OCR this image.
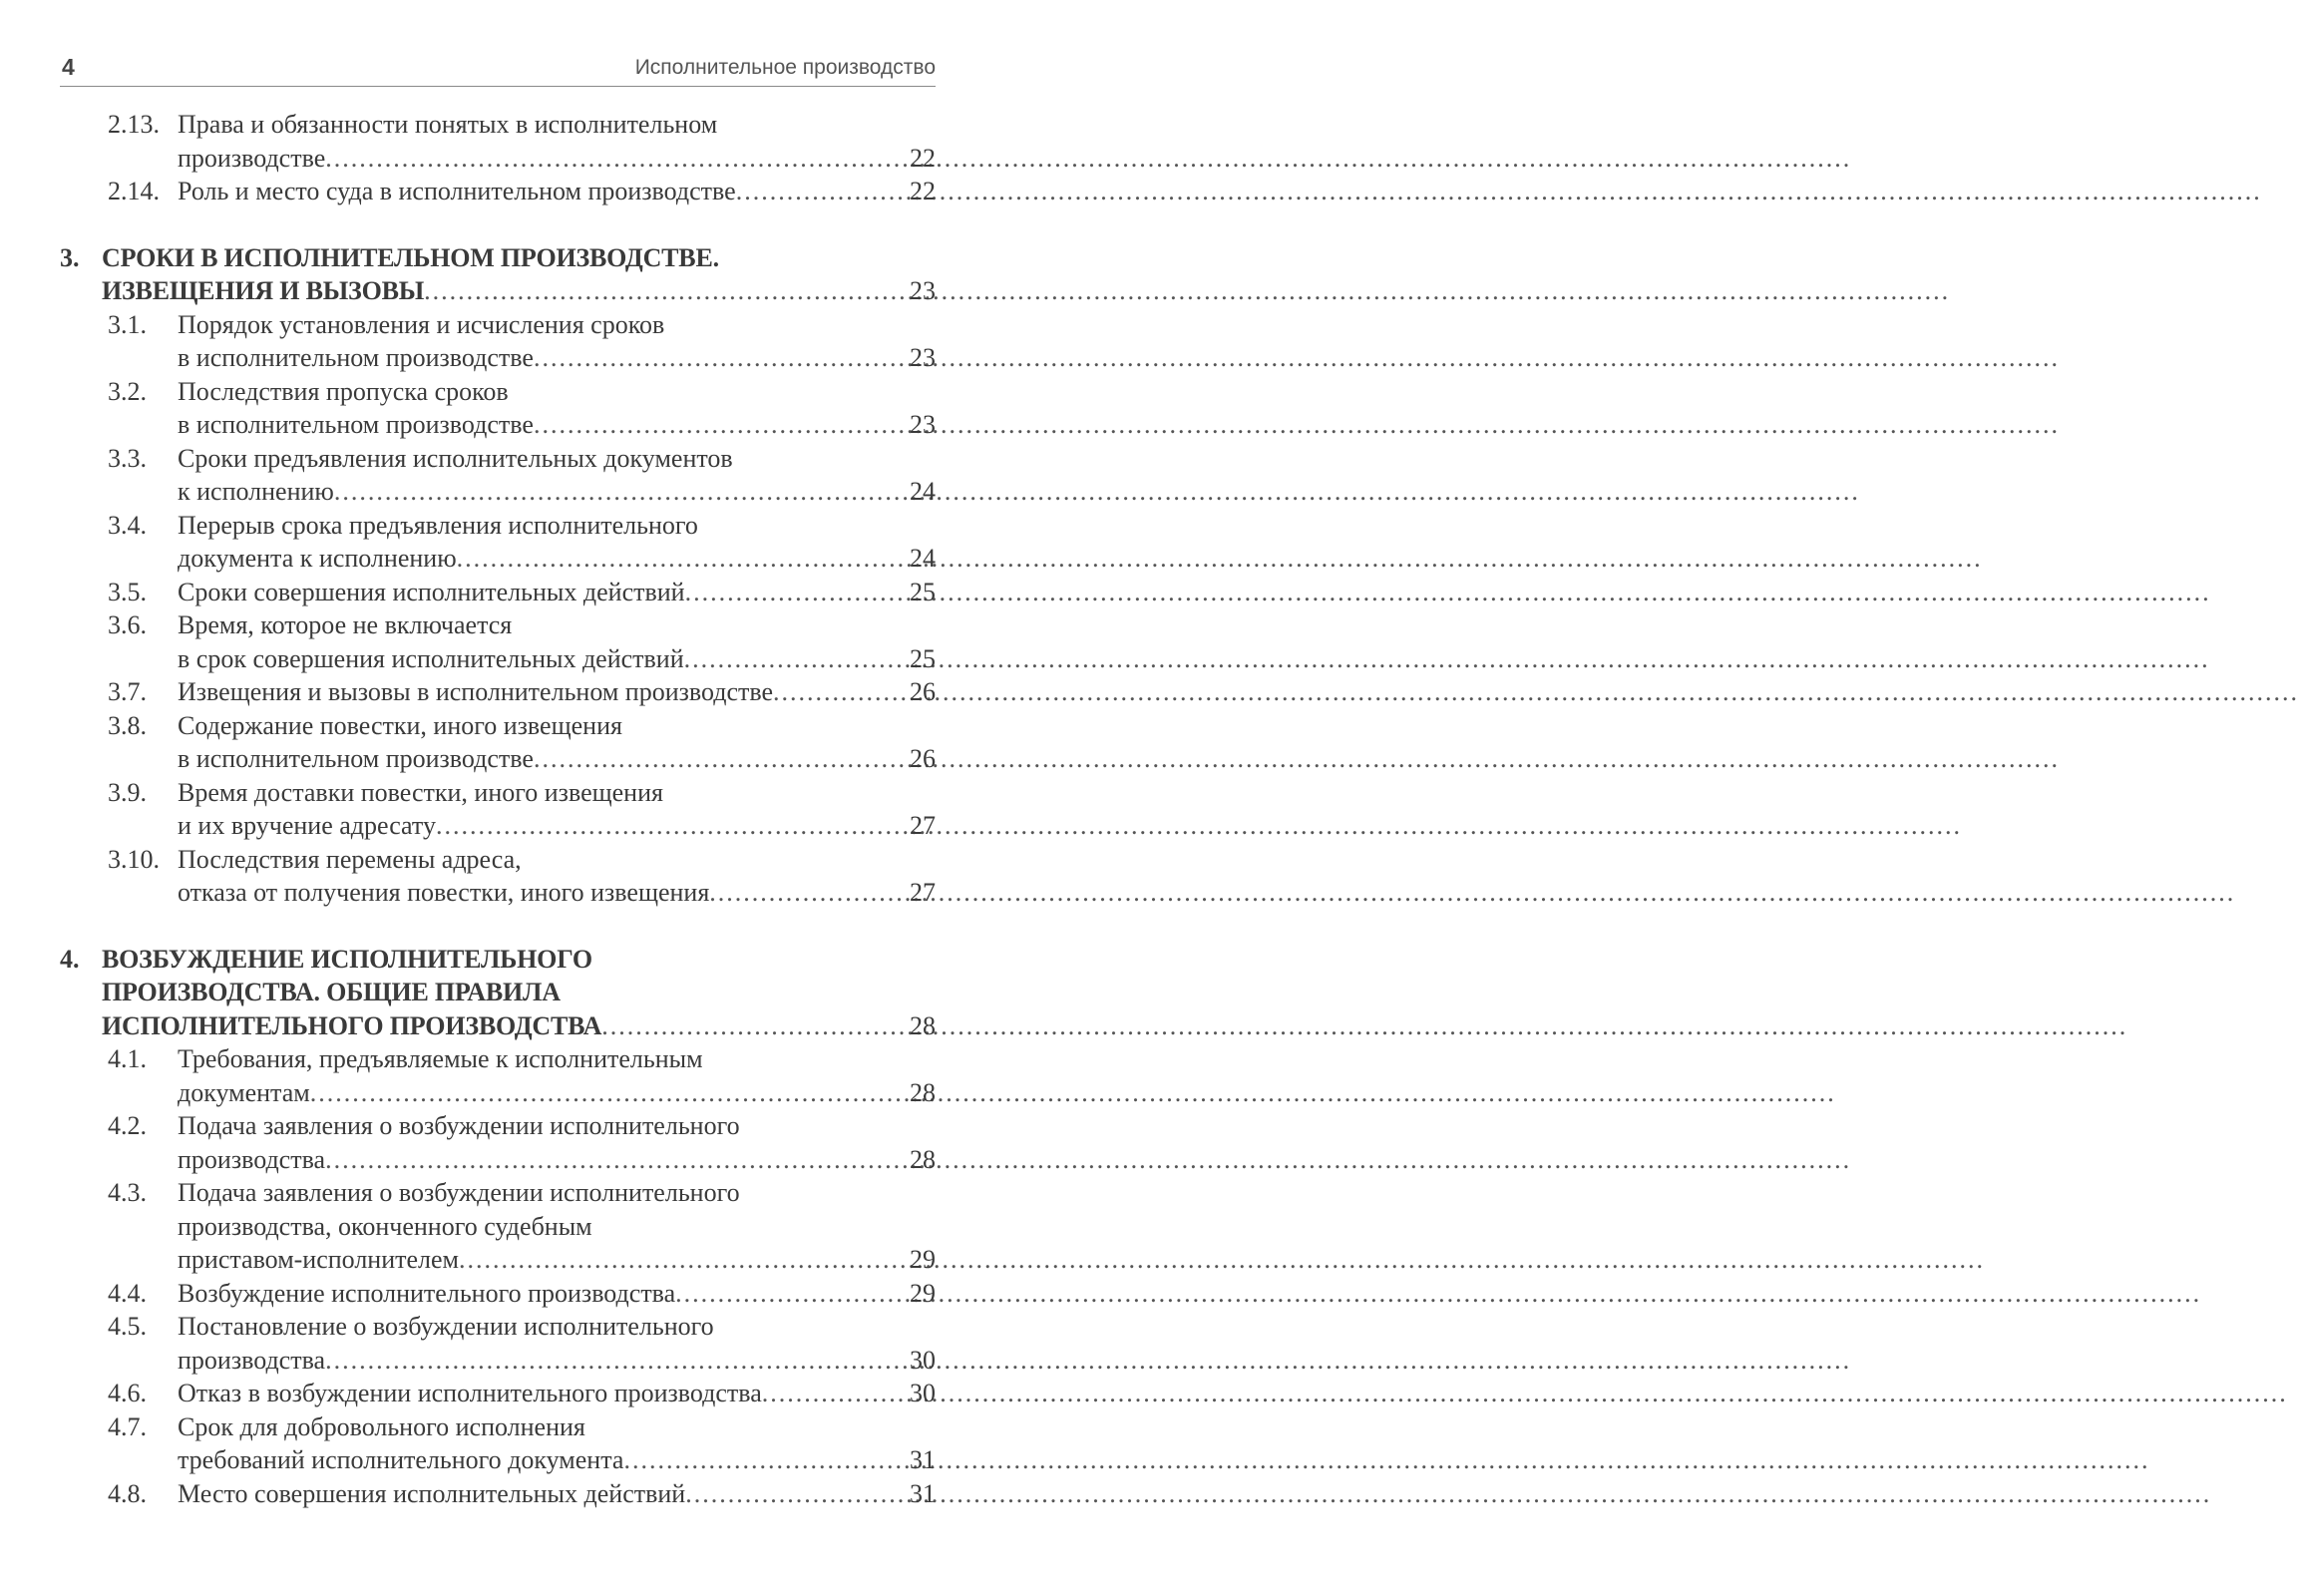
4	Исполнительное производство
2.13. Права и обязанности понятых в исполнительном
производстве .....	22
2.14. Роль и место суда в исполнительном производстве .....	22
3. СРОКИ В ИСПОЛНИТЕЛЬНОМ ПРОИЗВОДСТВЕ.
ИЗВЕЩЕНИЯ И ВЫЗОВЫ .....	23
3.1.	Порядок установления и исчисления сроков
в исполнительном производстве .....	23
3.2.	Последствия пропуска сроков
в исполнительном производстве .....	23
3.3.	Сроки предъявления исполнительных документов
к исполнению .....	24
3.4.	Перерыв срока предъявления исполнительного
документа к исполнению .....	24
3.5.	Сроки совершения исполнительных действий .....	25
3.6.	Время, которое не включается
в срок совершения исполнительных действий .....	25
3.7.	Извещения и вызовы в исполнительном производстве .....	26
3.8.	Содержание повестки, иного извещения
в исполнительном производстве .....	26
3.9.	Время доставки повестки, иного извещения
и их вручение адресату .....	27
3.10. Последствия перемены адреса,
отказа от получения повестки, иного извещения .....	27
4. ВОЗБУЖДЕНИЕ ИСПОЛНИТЕЛЬНОГО
ПРОИЗВОДСТВА. ОБЩИЕ ПРАВИЛА
ИСПОЛНИТЕЛЬНОГО ПРОИЗВОДСТВА .....	28
4.1.	Требования, предъявляемые к исполнительным
документам .....	28
4.2.	Подача заявления о возбуждении исполнительного
производства .....	28
4.3.	Подача заявления о возбуждении исполнительного
производства, оконченного судебным
приставом-исполнителем .....	29
4.4.	Возбуждение исполнительного производства .....	29
4.5.	Постановление о возбуждении исполнительного
производства .....	30
4.6.	Отказ в возбуждении исполнительного производства .....	30
4.7.	Срок для добровольного исполнения
требований исполнительного документа .....	31
4.8.	Место совершения исполнительных действий .....	31
